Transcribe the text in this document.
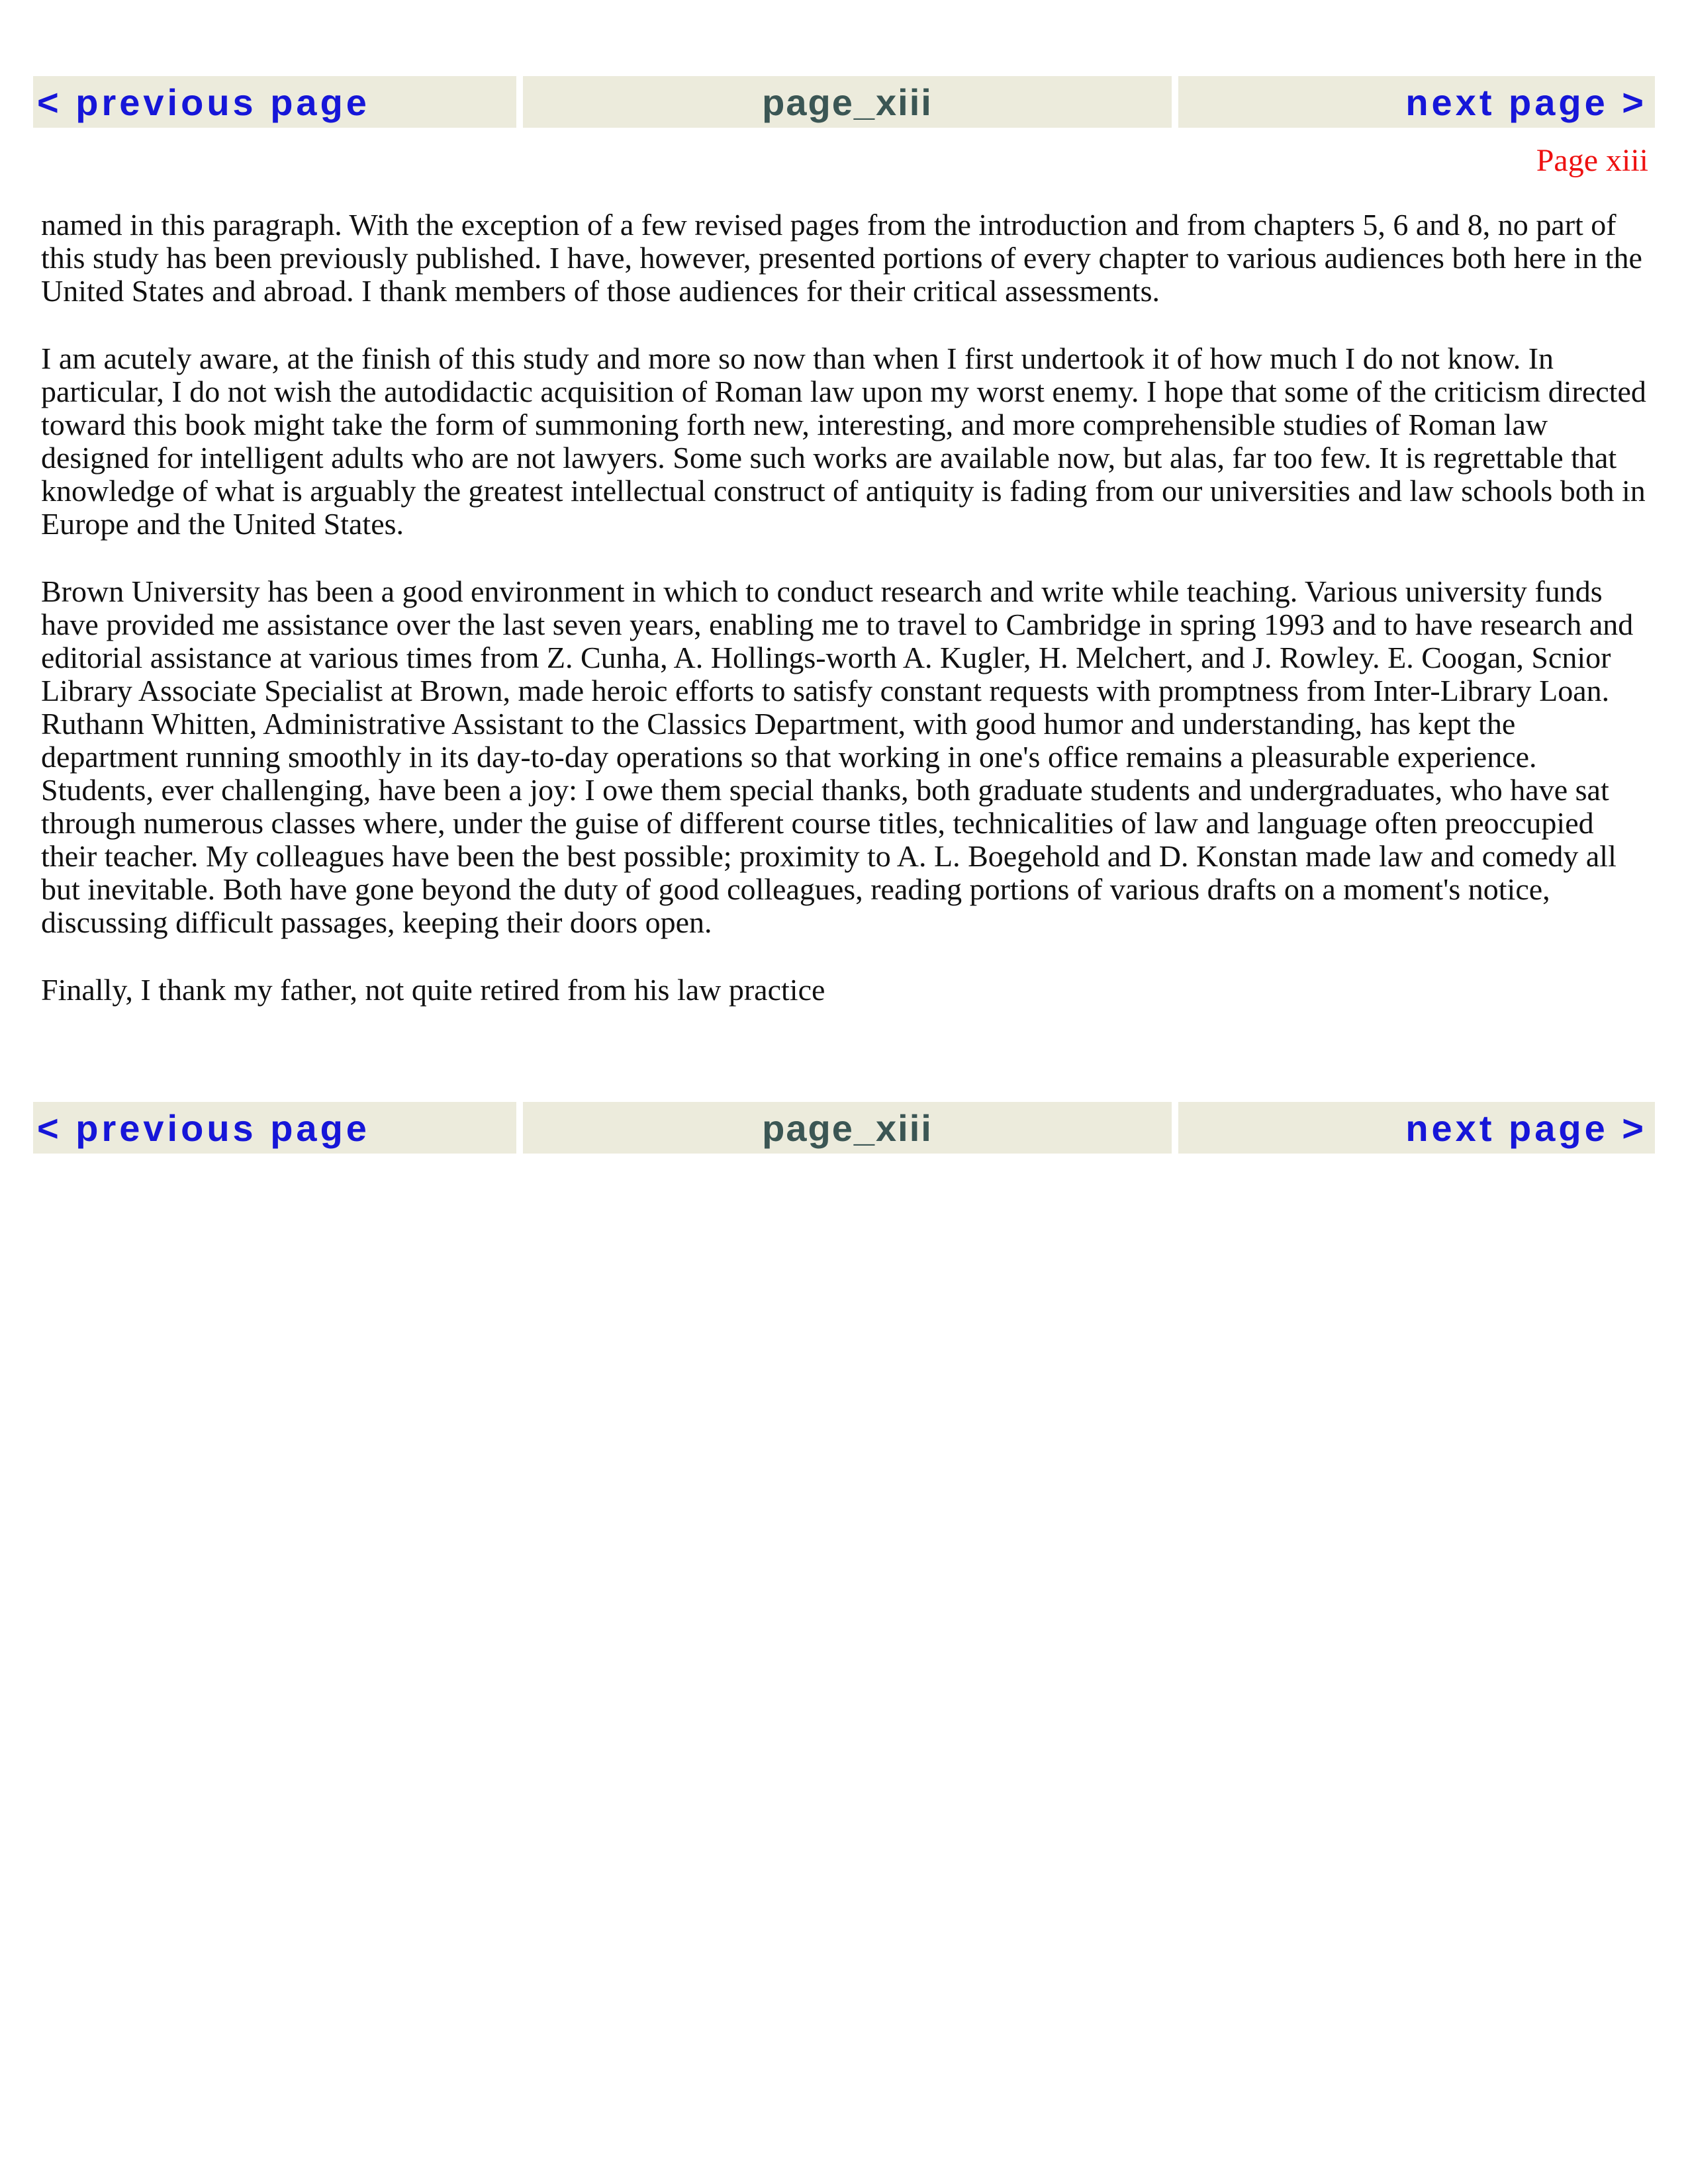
< previous page	page_xiii	next page >
Page xiii

named in this paragraph. With the exception of a few revised pages from the introduction and from chapters 5, 6 and 8, no part of this study has been previously published. I have, however, presented portions of every chapter to various audiences both here in the United States and abroad. I thank members of those audiences for their critical assessments.

I am acutely aware, at the finish of this study and more so now than when I first undertook it of how much I do not know. In particular, I do not wish the autodidactic acquisition of Roman law upon my worst enemy. I hope that some of the criticism directed toward this book might take the form of summoning forth new, interesting, and more comprehensible studies of Roman law designed for intelligent adults who are not lawyers. Some such works are available now, but alas, far too few. It is regrettable that knowledge of what is arguably the greatest intellectual construct of antiquity is fading from our universities and law schools both in Europe and the United States.

Brown University has been a good environment in which to conduct research and write while teaching. Various university funds have provided me assistance over the last seven years, enabling me to travel to Cambridge in spring 1993 and to have research and editorial assistance at various times from Z. Cunha, A. Hollings-worth A. Kugler, H. Melchert, and J. Rowley. E. Coogan, Scnior Library Associate Specialist at Brown, made heroic efforts to satisfy constant requests with promptness from Inter-Library Loan. Ruthann Whitten, Administrative Assistant to the Classics Department, with good humor and understanding, has kept the department running smoothly in its day-to-day operations so that working in one's office remains a pleasurable experience. Students, ever challenging, have been a joy: I owe them special thanks, both graduate students and undergraduates, who have sat through numerous classes where, under the guise of different course titles, technicalities of law and language often preoccupied their teacher. My colleagues have been the best possible; proximity to A. L. Boegehold and D. Konstan made law and comedy all but inevitable. Both have gone beyond the duty of good colleagues, reading portions of various drafts on a moment's notice, discussing difficult passages, keeping their doors open.

Finally, I thank my father, not quite retired from his law practice

< previous page	page_xiii	next page >
